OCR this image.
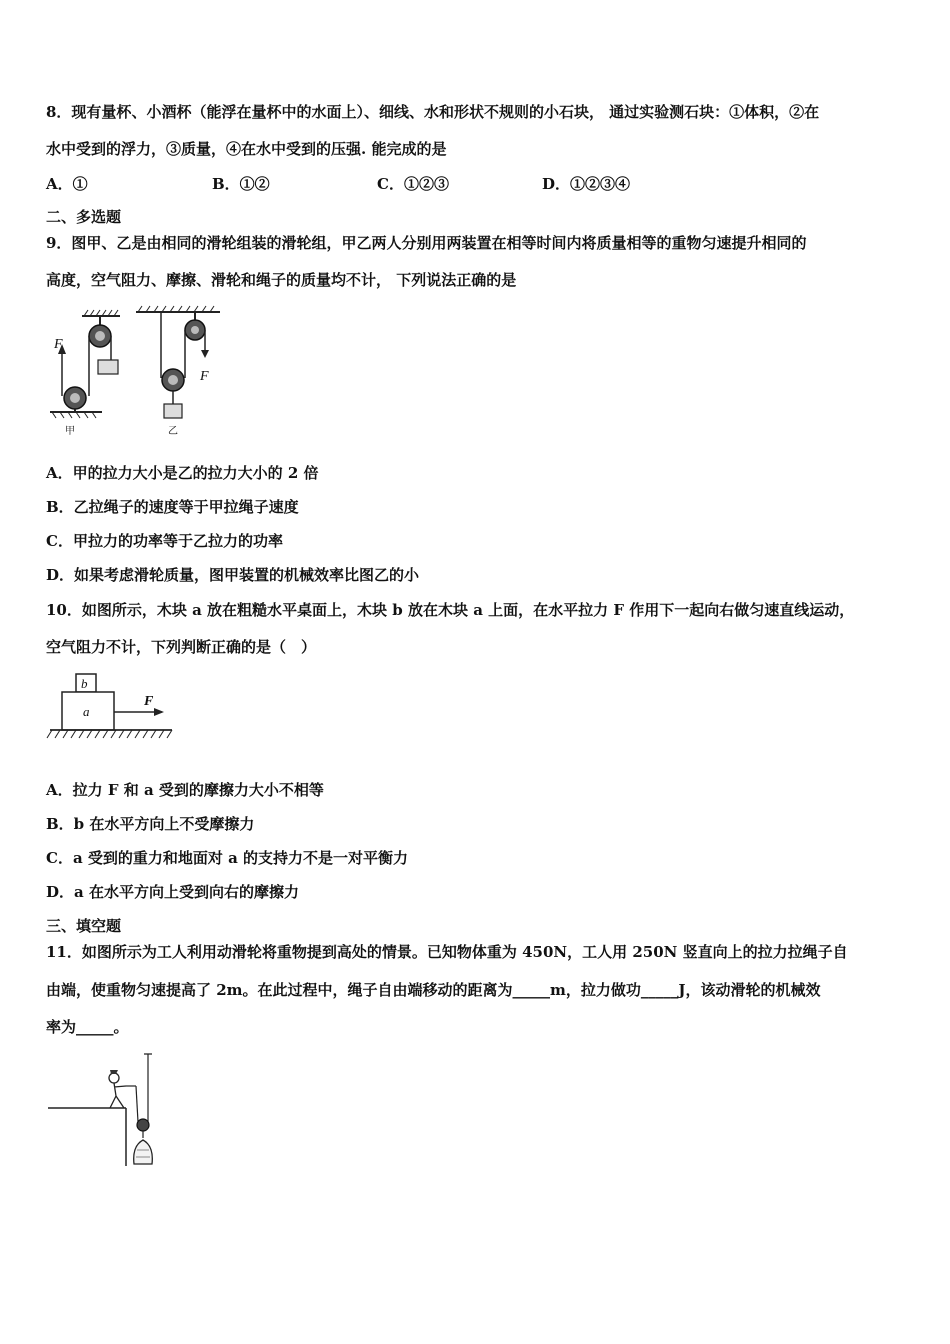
8．现有量杯、小酒杯（能浮在量杯中的水面上）、细线、水和形状不规则的小石块， 通过实验测石块：①体积，②在
水中受到的浮力，③质量，④在水中受到的压强. 能完成的是
A．①	B．①②	C．①②③	D．①②③④
二、多选题
9．图甲、乙是由相同的滑轮组装的滑轮组，甲乙两人分别用两装置在相等时间内将质量相等的重物匀速提升相同的
高度，空气阻力、摩擦、滑轮和绳子的质量均不计， 下列说法正确的是
F
甲
F
乙
A．甲的拉力大小是乙的拉力大小的 2 倍
B．乙拉绳子的速度等于甲拉绳子速度
C．甲拉力的功率等于乙拉力的功率
D．如果考虑滑轮质量，图甲装置的机械效率比图乙的小
10．如图所示，木块 a 放在粗糙水平桌面上，木块 b 放在木块 a 上面，在水平拉力 F 作用下一起向右做匀速直线运动，
空气阻力不计，下列判断正确的是（　）
b
a
F
A．拉力 F 和 a 受到的摩擦力大小不相等
B．b 在水平方向上不受摩擦力
C．a 受到的重力和地面对 a 的支持力不是一对平衡力
D．a 在水平方向上受到向右的摩擦力
三、填空题
11．如图所示为工人利用动滑轮将重物提到高处的情景。已知物体重为 450N，工人用 250N 竖直向上的拉力拉绳子自
由端，使重物匀速提高了 2m。在此过程中，绳子自由端移动的距离为_____m，拉力做功_____J，该动滑轮的机械效
率为_____。
